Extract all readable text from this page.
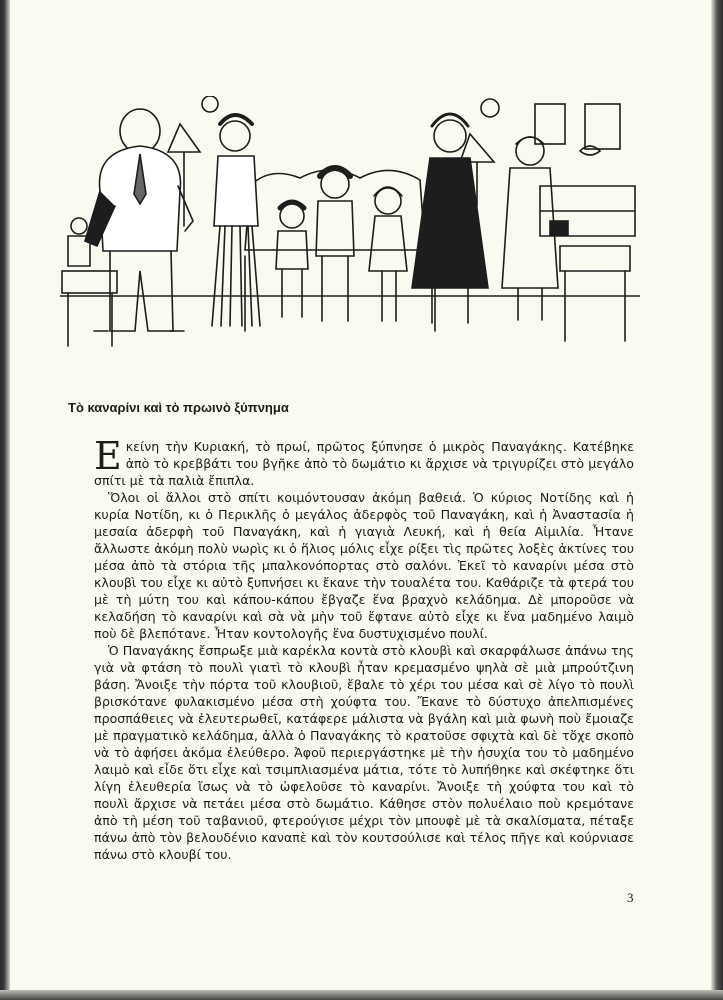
Τὸ καναρίνι καὶ τὸ πρωινὸ ξύπνημα

Ε κείνη τὴν Κυριακή, τὸ πρωί, πρῶτος ξύπνησε ὁ μικρὸς Παναγάκης. Κατέβηκε ἀπὸ τὸ κρεββάτι του βγῆκε ἀπὸ τὸ δωμάτιο κι ἄρχισε νὰ τριγυρίζει στὸ μεγάλο σπίτι μὲ τὰ παλιὰ ἔπιπλα.

Ὅλοι οἱ ἄλλοι στὸ σπίτι κοιμόντουσαν ἀκόμη βαθειά. Ὁ κύριος Νοτίδης καὶ ἡ κυρία Νοτίδη, κι ὁ Περικλῆς ὁ μεγάλος ἀδερφὸς τοῦ Παναγάκη, καὶ ἡ Ἀναστασία ἡ μεσαία ἀδερφὴ τοῦ Παναγάκη, καὶ ἡ γιαγιὰ Λευκή, καὶ ἡ θεία Αἰμιλία. Ἦτανε ἄλλωστε ἀκόμη πολὺ νωρὶς κι ὁ ἥλιος μόλις εἶχε ρίξει τὶς πρῶτες λοξὲς ἀκτίνες του μέσα ἀπὸ τὰ στόρια τῆς μπαλκονόπορτας στὸ σαλόνι. Ἐκεῖ τὸ καναρίνι μέσα στὸ κλουβὶ του εἶχε κι αὐτὸ ξυπνήσει κι ἔκανε τὴν τουαλέτα του. Καθάριζε τὰ φτερά του μὲ τὴ μύτη του καὶ κάπου-κάπου ἔβγαζε ἕνα βραχνὸ κελάδημα. Δὲ μποροῦσε νὰ κελαδήση τὸ καναρίνι καὶ σὰ νὰ μὴν τοῦ ἔφτανε αὐτὸ εἶχε κι ἕνα μαδημένο λαιμὸ ποὺ δὲ βλεπότανε. Ἦταν κοντολογῆς ἕνα δυστυχισμένο πουλί.

Ὁ Παναγάκης ἔσπρωξε μιὰ καρέκλα κοντὰ στὸ κλουβὶ καὶ σκαρφάλωσε ἀπάνω της γιὰ νὰ φτάση τὸ πουλὶ γιατὶ τὸ κλουβὶ ἦταν κρεμασμένο ψηλὰ σὲ μιὰ μπρούτζινη βάση. Ἄνοιξε τὴν πόρτα τοῦ κλουβιοῦ, ἔβαλε τὸ χέρι του μέσα καὶ σὲ λίγο τὸ πουλὶ βρισκότανε φυλακισμένο μέσα στὴ χούφτα του. Ἔκανε τὸ δύστυχο ἀπελπισμένες προσπάθειες νὰ ἐλευτερωθεῖ, κατάφερε μάλιστα νὰ βγάλη καὶ μιὰ φωνὴ ποὺ ἔμοιαζε μὲ πραγματικὸ κελάδημα, ἀλλὰ ὁ Παναγάκης τὸ κρατοῦσε σφιχτὰ καὶ δὲ τὄχε σκοπὸ νὰ τὸ ἀφήσει ἀκόμα ἐλεύθερο. Ἀφοῦ περιεργάστηκε μὲ τὴν ἡσυχία του τὸ μαδημένο λαιμὸ καὶ εἶδε ὅτι εἶχε καὶ τσιμπλιασμένα μάτια, τότε τὸ λυπήθηκε καὶ σκέφτηκε ὅτι λίγη ἐλευθερία ἴσως νὰ τὸ ὠφελοῦσε τὸ καναρίνι. Ἄνοιξε τὴ χούφτα του καὶ τὸ πουλὶ ἄρχισε νὰ πετάει μέσα στὸ δωμάτιο. Κάθησε στὸν πολυέλαιο ποὺ κρεμότανε ἀπὸ τὴ μέση τοῦ ταβανιοῦ, φτερούγισε μέχρι τὸν μπουφὲ μὲ τὰ σκαλίσματα, πέταξε πάνω ἀπὸ τὸν βελουδένιο καναπὲ καὶ τὸν κουτσούλισε καὶ τέλος πῆγε καὶ κούρνιασε πάνω στὸ κλουβί του.

3
